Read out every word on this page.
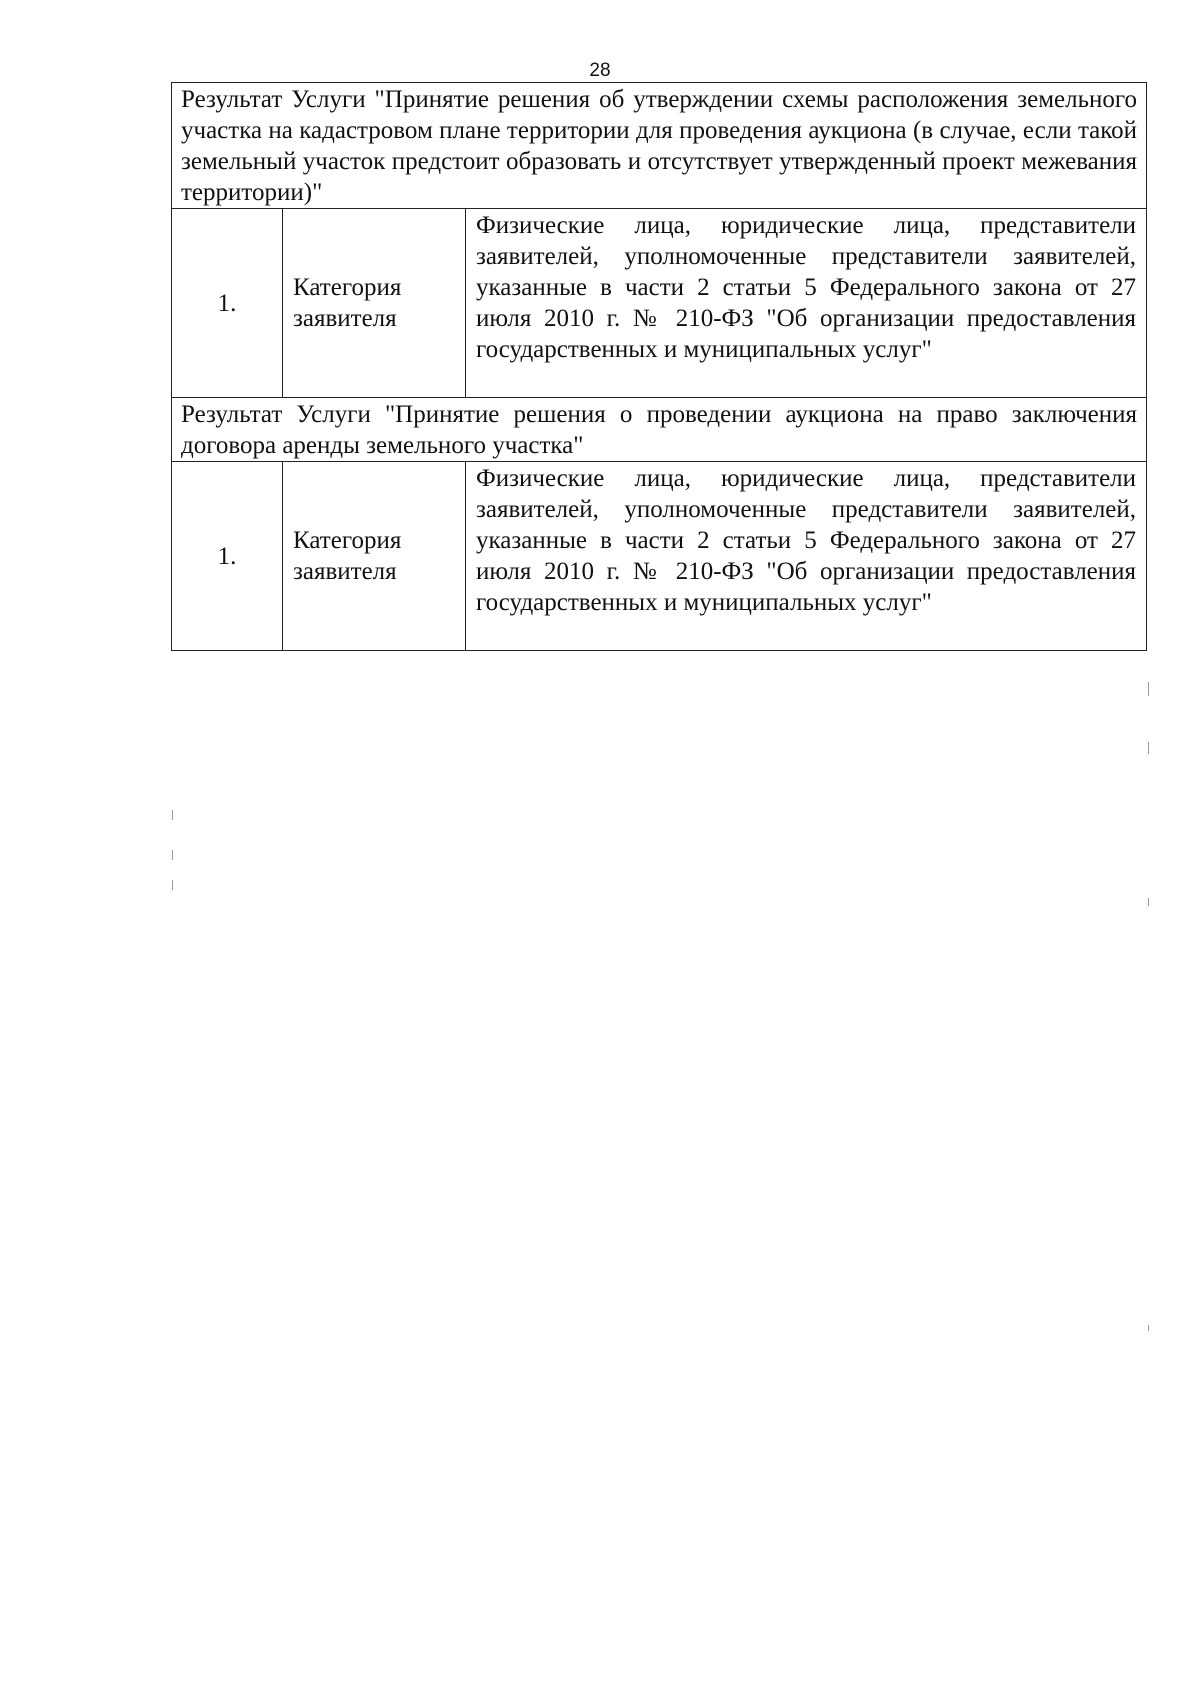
28
Результат Услуги "Принятие решения об утверждении схемы расположения земельного участка на кадастровом плане территории для проведения аукциона (в случае, если такой земельный участок предстоит образовать и отсутствует утвержденный проект межевания территории)"		
1.	Категория заявителя	Физические лица, юридические лица, представители заявителей, уполномоченные представители заявителей, указанные в части 2 статьи 5 Федерального закона от 27 июля 2010 г. № 210-ФЗ "Об организации предоставления государственных и муниципальных услуг"
Результат Услуги "Принятие решения о проведении аукциона на право заключения договора аренды земельного участка"		
1.	Категория заявителя	Физические лица, юридические лица, представители заявителей, уполномоченные представители заявителей, указанные в части 2 статьи 5 Федерального закона от 27 июля 2010 г. № 210-ФЗ "Об организации предоставления государственных и муниципальных услуг"
